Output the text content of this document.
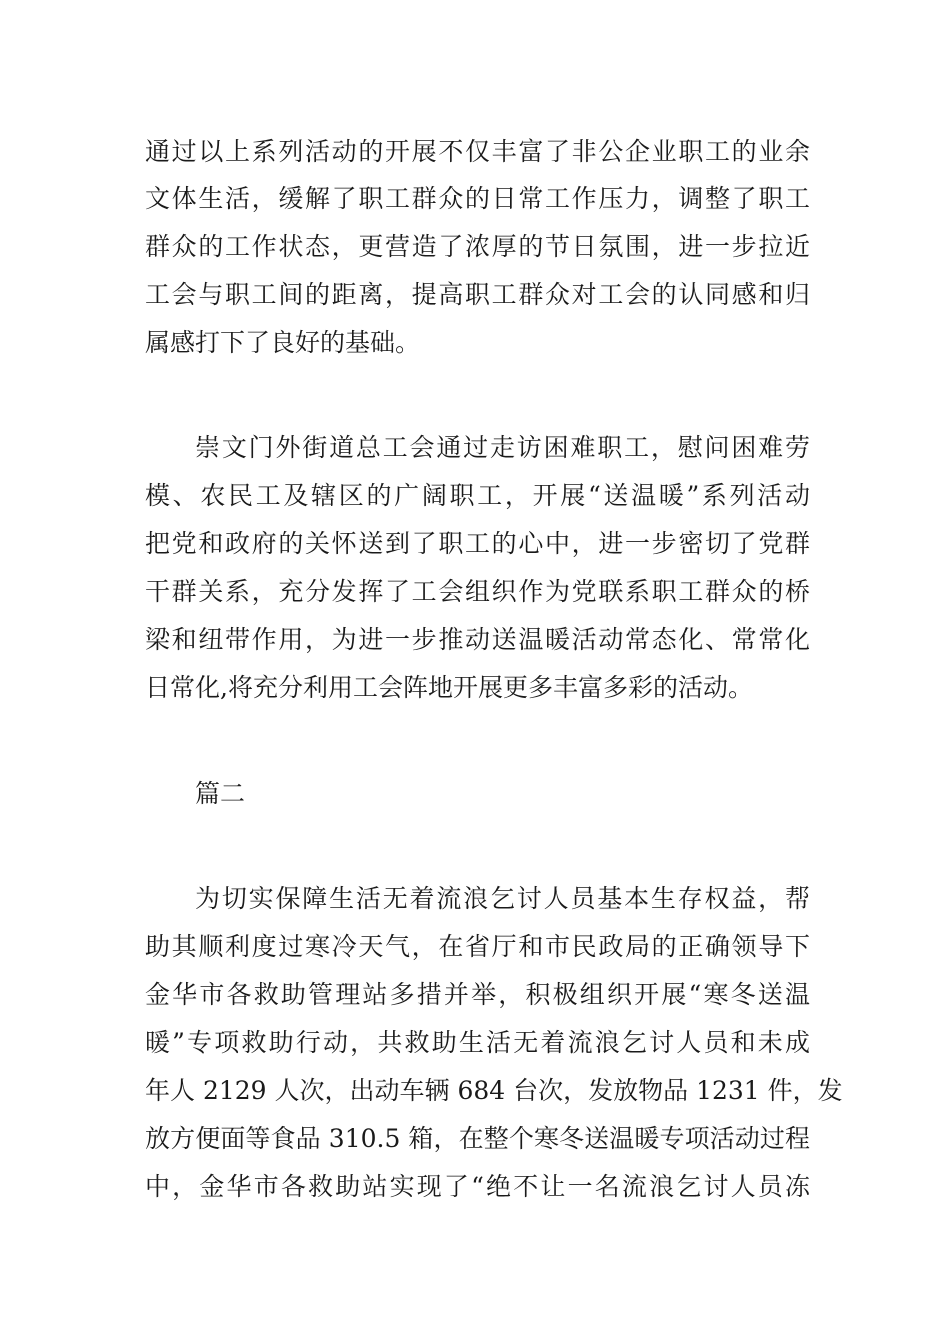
通过以上系列活动的开展不仅丰富了非公企业职工的业余
文体生活，缓解了职工群众的日常工作压力，调整了职工
群众的工作状态，更营造了浓厚的节日氛围，进一步拉近
工会与职工间的距离，提高职工群众对工会的认同感和归
属感打下了良好的基础。
崇文门外街道总工会通过走访困难职工，慰问困难劳
模、农民工及辖区的广阔职工，开展“送温暖”系列活动
把党和政府的关怀送到了职工的心中，进一步密切了党群
干群关系，充分发挥了工会组织作为党联系职工群众的桥
梁和纽带作用，为进一步推动送温暖活动常态化、常常化
日常化,将充分利用工会阵地开展更多丰富多彩的活动。
篇二
为切实保障生活无着流浪乞讨人员基本生存权益，帮
助其顺利度过寒冷天气，在省厅和市民政局的正确领导下
金华市各救助管理站多措并举，积极组织开展“寒冬送温
暖”专项救助行动，共救助生活无着流浪乞讨人员和未成
年人 2129 人次，出动车辆 684 台次，发放物品 1231 件，发
放方便面等食品 310.5 箱，在整个寒冬送温暖专项活动过程
中，金华市各救助站实现了“绝不让一名流浪乞讨人员冻
